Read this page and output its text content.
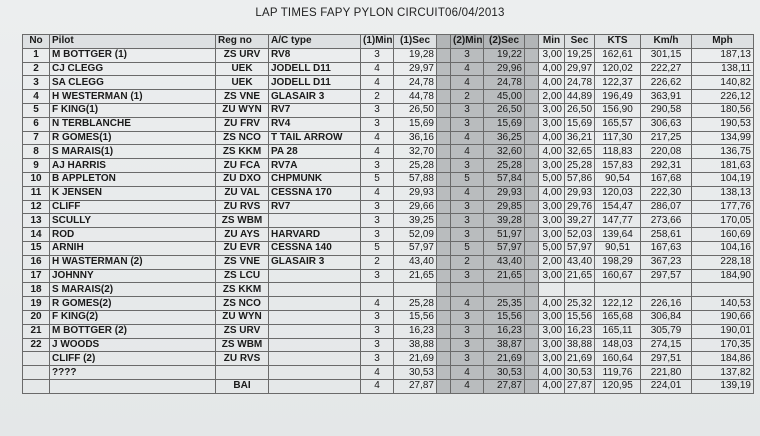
LAP TIMES FAPY PYLON CIRCUIT06/04/2013
No	Pilot	Reg no	A/C type	(1)Min	(1)Sec		(2)Min	(2)Sec		Min	Sec	KTS	Km/h	Mph
1	M BOTTGER (1)	ZS URV	RV8	3	19,28		3	19,22		3,00	19,25	162,61	301,15	187,13
2	CJ CLEGG	UEK	JODELL D11	4	29,97		4	29,96		4,00	29,97	120,02	222,27	138,11
3	SA CLEGG	UEK	JODELL D11	4	24,78		4	24,78		4,00	24,78	122,37	226,62	140,82
4	H WESTERMAN (1)	ZS VNE	GLASAIR 3	2	44,78		2	45,00		2,00	44,89	196,49	363,91	226,12
5	F KING(1)	ZU WYN	RV7	3	26,50		3	26,50		3,00	26,50	156,90	290,58	180,56
6	N TERBLANCHE	ZU FRV	RV4	3	15,69		3	15,69		3,00	15,69	165,57	306,63	190,53
7	R GOMES(1)	ZS NCO	T TAIL ARROW	4	36,16		4	36,25		4,00	36,21	117,30	217,25	134,99
8	S MARAIS(1)	ZS KKM	PA 28	4	32,70		4	32,60		4,00	32,65	118,83	220,08	136,75
9	AJ HARRIS	ZU FCA	RV7A	3	25,28		3	25,28		3,00	25,28	157,83	292,31	181,63
10	B APPLETON	ZU DXO	CHPMUNK	5	57,88		5	57,84		5,00	57,86	90,54	167,68	104,19
11	K JENSEN	ZU VAL	CESSNA 170	4	29,93		4	29,93		4,00	29,93	120,03	222,30	138,13
12	CLIFF	ZU RVS	RV7	3	29,66		3	29,85		3,00	29,76	154,47	286,07	177,76
13	SCULLY	ZS WBM		3	39,25		3	39,28		3,00	39,27	147,77	273,66	170,05
14	ROD	ZU AYS	HARVARD	3	52,09		3	51,97		3,00	52,03	139,64	258,61	160,69
15	ARNIH	ZU EVR	CESSNA 140	5	57,97		5	57,97		5,00	57,97	90,51	167,63	104,16
16	H WASTERMAN (2)	ZS VNE	GLASAIR 3	2	43,40		2	43,40		2,00	43,40	198,29	367,23	228,18
17	JOHNNY	ZS LCU		3	21,65		3	21,65		3,00	21,65	160,67	297,57	184,90
18	S MARAIS(2)	ZS KKM												
19	R GOMES(2)	ZS NCO		4	25,28		4	25,35		4,00	25,32	122,12	226,16	140,53
20	F KING(2)	ZU WYN		3	15,56		3	15,56		3,00	15,56	165,68	306,84	190,66
21	M BOTTGER (2)	ZS URV		3	16,23		3	16,23		3,00	16,23	165,11	305,79	190,01
22	J WOODS	ZS WBM		3	38,88		3	38,87		3,00	38,88	148,03	274,15	170,35
	CLIFF (2)	ZU RVS		3	21,69		3	21,69		3,00	21,69	160,64	297,51	184,86
	????			4	30,53		4	30,53		4,00	30,53	119,76	221,80	137,82
		BAI		4	27,87		4	27,87		4,00	27,87	120,95	224,01	139,19
